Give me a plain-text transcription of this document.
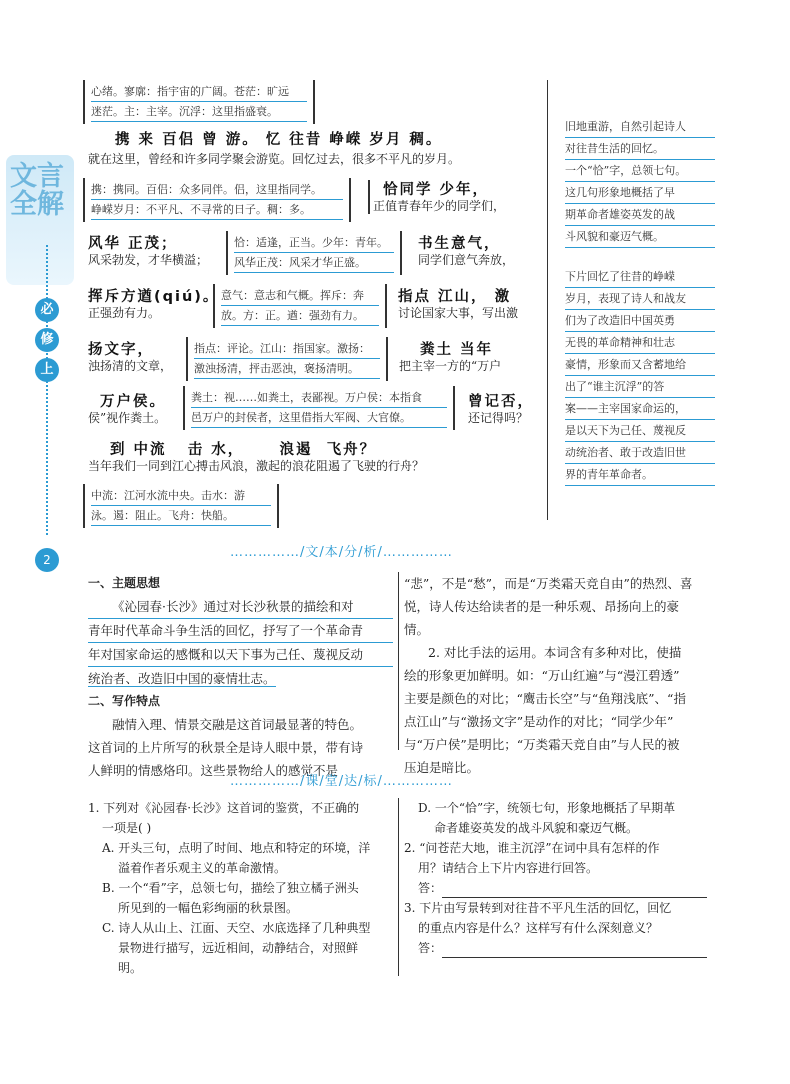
文言全解
必
修
上
2
心绪。寥廓：指宇宙的广阔。苍茫：旷远
迷茫。主：主宰。沉浮：这里指盛衰。
携 来 百侣 曾 游。 忆 往昔 峥嵘 岁月 稠。
就在这里，曾经和许多同学聚会游览。回忆过去，很多不平凡的岁月。
携：携同。百侣：众多同伴。侣，这里指同学。
峥嵘岁月：不平凡、不寻常的日子。稠：多。
恰同学 少年，
正值青春年少的同学们，
风华 正茂；
风采勃发，才华横溢；
恰：适逢，正当。少年：青年。
风华正茂：风采才华正盛。
书生意气，
同学们意气奔放，
挥斥方遒(qiú)。
正强劲有力。
意气：意志和气概。挥斥：奔
放。方：正。遒：强劲有力。
指点 江山， 激
讨论国家大事，写出激
扬文字，
浊扬清的文章，
指点：评论。江山：指国家。激扬：
激浊扬清，抨击恶浊，褒扬清明。
粪土 当年
把主宰一方的“万户
万户侯。
侯”视作粪土。
粪土：视……如粪土，表鄙视。万户侯：本指食
邑万户的封侯者，这里借指大军阀、大官僚。
曾记否，
还记得吗？
到 中流   击 水，     浪遏  飞舟？
当年我们一同到江心搏击风浪，激起的浪花阻遏了飞驶的行舟？
中流：江河水流中央。击水：游
泳。遏：阻止。飞舟：快船。
旧地重游，自然引起诗人
对往昔生活的回忆。
一个“恰”字，总领七句。
这几句形象地概括了早
期革命者雄姿英发的战
斗风貌和豪迈气概。
下片回忆了往昔的峥嵘
岁月，表现了诗人和战友
们为了改造旧中国英勇
无畏的革命精神和壮志
豪情，形象而又含蓄地给
出了“谁主沉浮”的答
案——主宰国家命运的，
是以天下为己任、蔑视反
动统治者、敢于改造旧世
界的青年革命者。
……………/文/本/分/析/……………
一、主题思想
《沁园春·长沙》通过对长沙秋景的描绘和对
青年时代革命斗争生活的回忆，抒写了一个革命青
年对国家命运的感慨和以天下事为己任、蔑视反动
统治者、改造旧中国的豪情壮志。
二、写作特点
融情入理、情景交融是这首词最显著的特色。
这首词的上片所写的秋景全是诗人眼中景，带有诗
人鲜明的情感烙印。这些景物给人的感觉不是
“悲”，不是“愁”，而是“万类霜天竞自由”的热烈、喜
悦，诗人传达给读者的是一种乐观、昂扬向上的豪
情。
2. 对比手法的运用。本词含有多种对比，使描
绘的形象更加鲜明。如：“万山红遍”与“漫江碧透”
主要是颜色的对比；“鹰击长空”与“鱼翔浅底”、“指
点江山”与“激扬文字”是动作的对比；“同学少年”
与“万户侯”是明比；“万类霜天竞自由”与人民的被
压迫是暗比。
……………/课/堂/达/标/……………
1. 下列对《沁园春·长沙》这首词的鉴赏，不正确的
一项是( )
A. 开头三句，点明了时间、地点和特定的环境，洋
溢着作者乐观主义的革命激情。
B. 一个“看”字，总领七句，描绘了独立橘子洲头
所见到的一幅色彩绚丽的秋景图。
C. 诗人从山上、江面、天空、水底选择了几种典型
景物进行描写，远近相间，动静结合，对照鲜
明。
D. 一个“恰”字，统领七句，形象地概括了早期革
命者雄姿英发的战斗风貌和豪迈气概。
2. “问苍茫大地，谁主沉浮”在词中具有怎样的作
用？请结合上下片内容进行回答。
答：
3. 下片由写景转到对往昔不平凡生活的回忆，回忆
的重点内容是什么？这样写有什么深刻意义？
答：
